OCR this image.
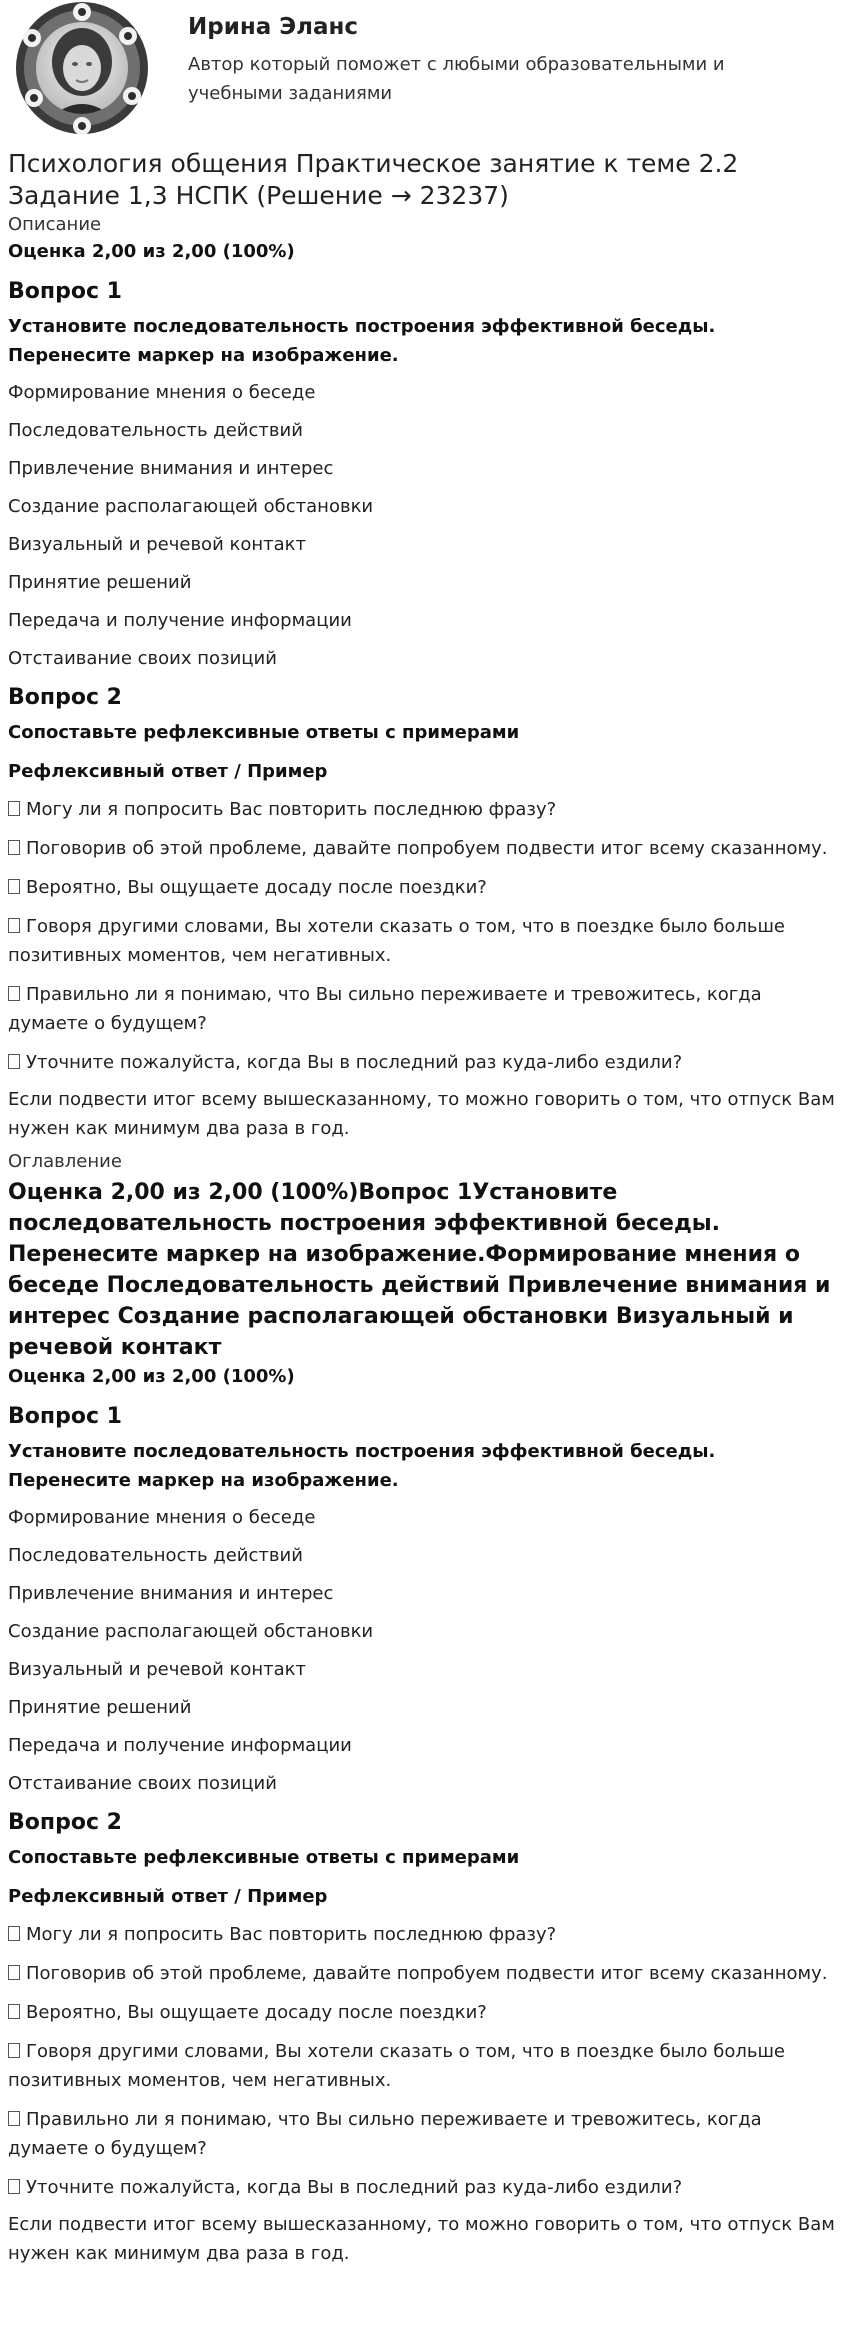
Ирина Эланс
Автор который поможет с любыми образовательными и учебными заданиями
Психология общения Практическое занятие к теме 2.2 Задание 1,3 НСПК (Решение → 23237)
Описание
Оценка 2,00 из 2,00 (100%)
Вопрос 1
Установите последовательность построения эффективной беседы. Перенесите маркер на изображение.
Формирование мнения о беседе
Последовательность действий
Привлечение внимания и интерес
Создание располагающей обстановки
Визуальный и речевой контакт
Принятие решений
Передача и получение информации
Отстаивание своих позиций
Вопрос 2
Сопоставьте рефлексивные ответы с примерами
Рефлексивный ответ / Пример
Могу ли я попросить Вас повторить последнюю фразу?
Поговорив об этой проблеме, давайте попробуем подвести итог всему сказанному.
Вероятно, Вы ощущаете досаду после поездки?
Говоря другими словами, Вы хотели сказать о том, что в поездке было больше позитивных моментов, чем негативных.
Правильно ли я понимаю, что Вы сильно переживаете и тревожитесь, когда думаете о будущем?
Уточните пожалуйста, когда Вы в последний раз куда-либо ездили?
Если подвести итог всему вышесказанному, то можно говорить о том, что отпуск Вам нужен как минимум два раза в год.
Оглавление
Оценка 2,00 из 2,00 (100%)Вопрос 1Установите последовательность построения эффективной беседы. Перенесите маркер на изображение.Формирование мнения о беседе Последовательность действий Привлечение внимания и интерес Создание располагающей обстановки Визуальный и речевой контакт
Оценка 2,00 из 2,00 (100%)
Вопрос 1
Установите последовательность построения эффективной беседы. Перенесите маркер на изображение.
Формирование мнения о беседе
Последовательность действий
Привлечение внимания и интерес
Создание располагающей обстановки
Визуальный и речевой контакт
Принятие решений
Передача и получение информации
Отстаивание своих позиций
Вопрос 2
Сопоставьте рефлексивные ответы с примерами
Рефлексивный ответ / Пример
Могу ли я попросить Вас повторить последнюю фразу?
Поговорив об этой проблеме, давайте попробуем подвести итог всему сказанному.
Вероятно, Вы ощущаете досаду после поездки?
Говоря другими словами, Вы хотели сказать о том, что в поездке было больше позитивных моментов, чем негативных.
Правильно ли я понимаю, что Вы сильно переживаете и тревожитесь, когда думаете о будущем?
Уточните пожалуйста, когда Вы в последний раз куда-либо ездили?
Если подвести итог всему вышесказанному, то можно говорить о том, что отпуск Вам нужен как минимум два раза в год.
